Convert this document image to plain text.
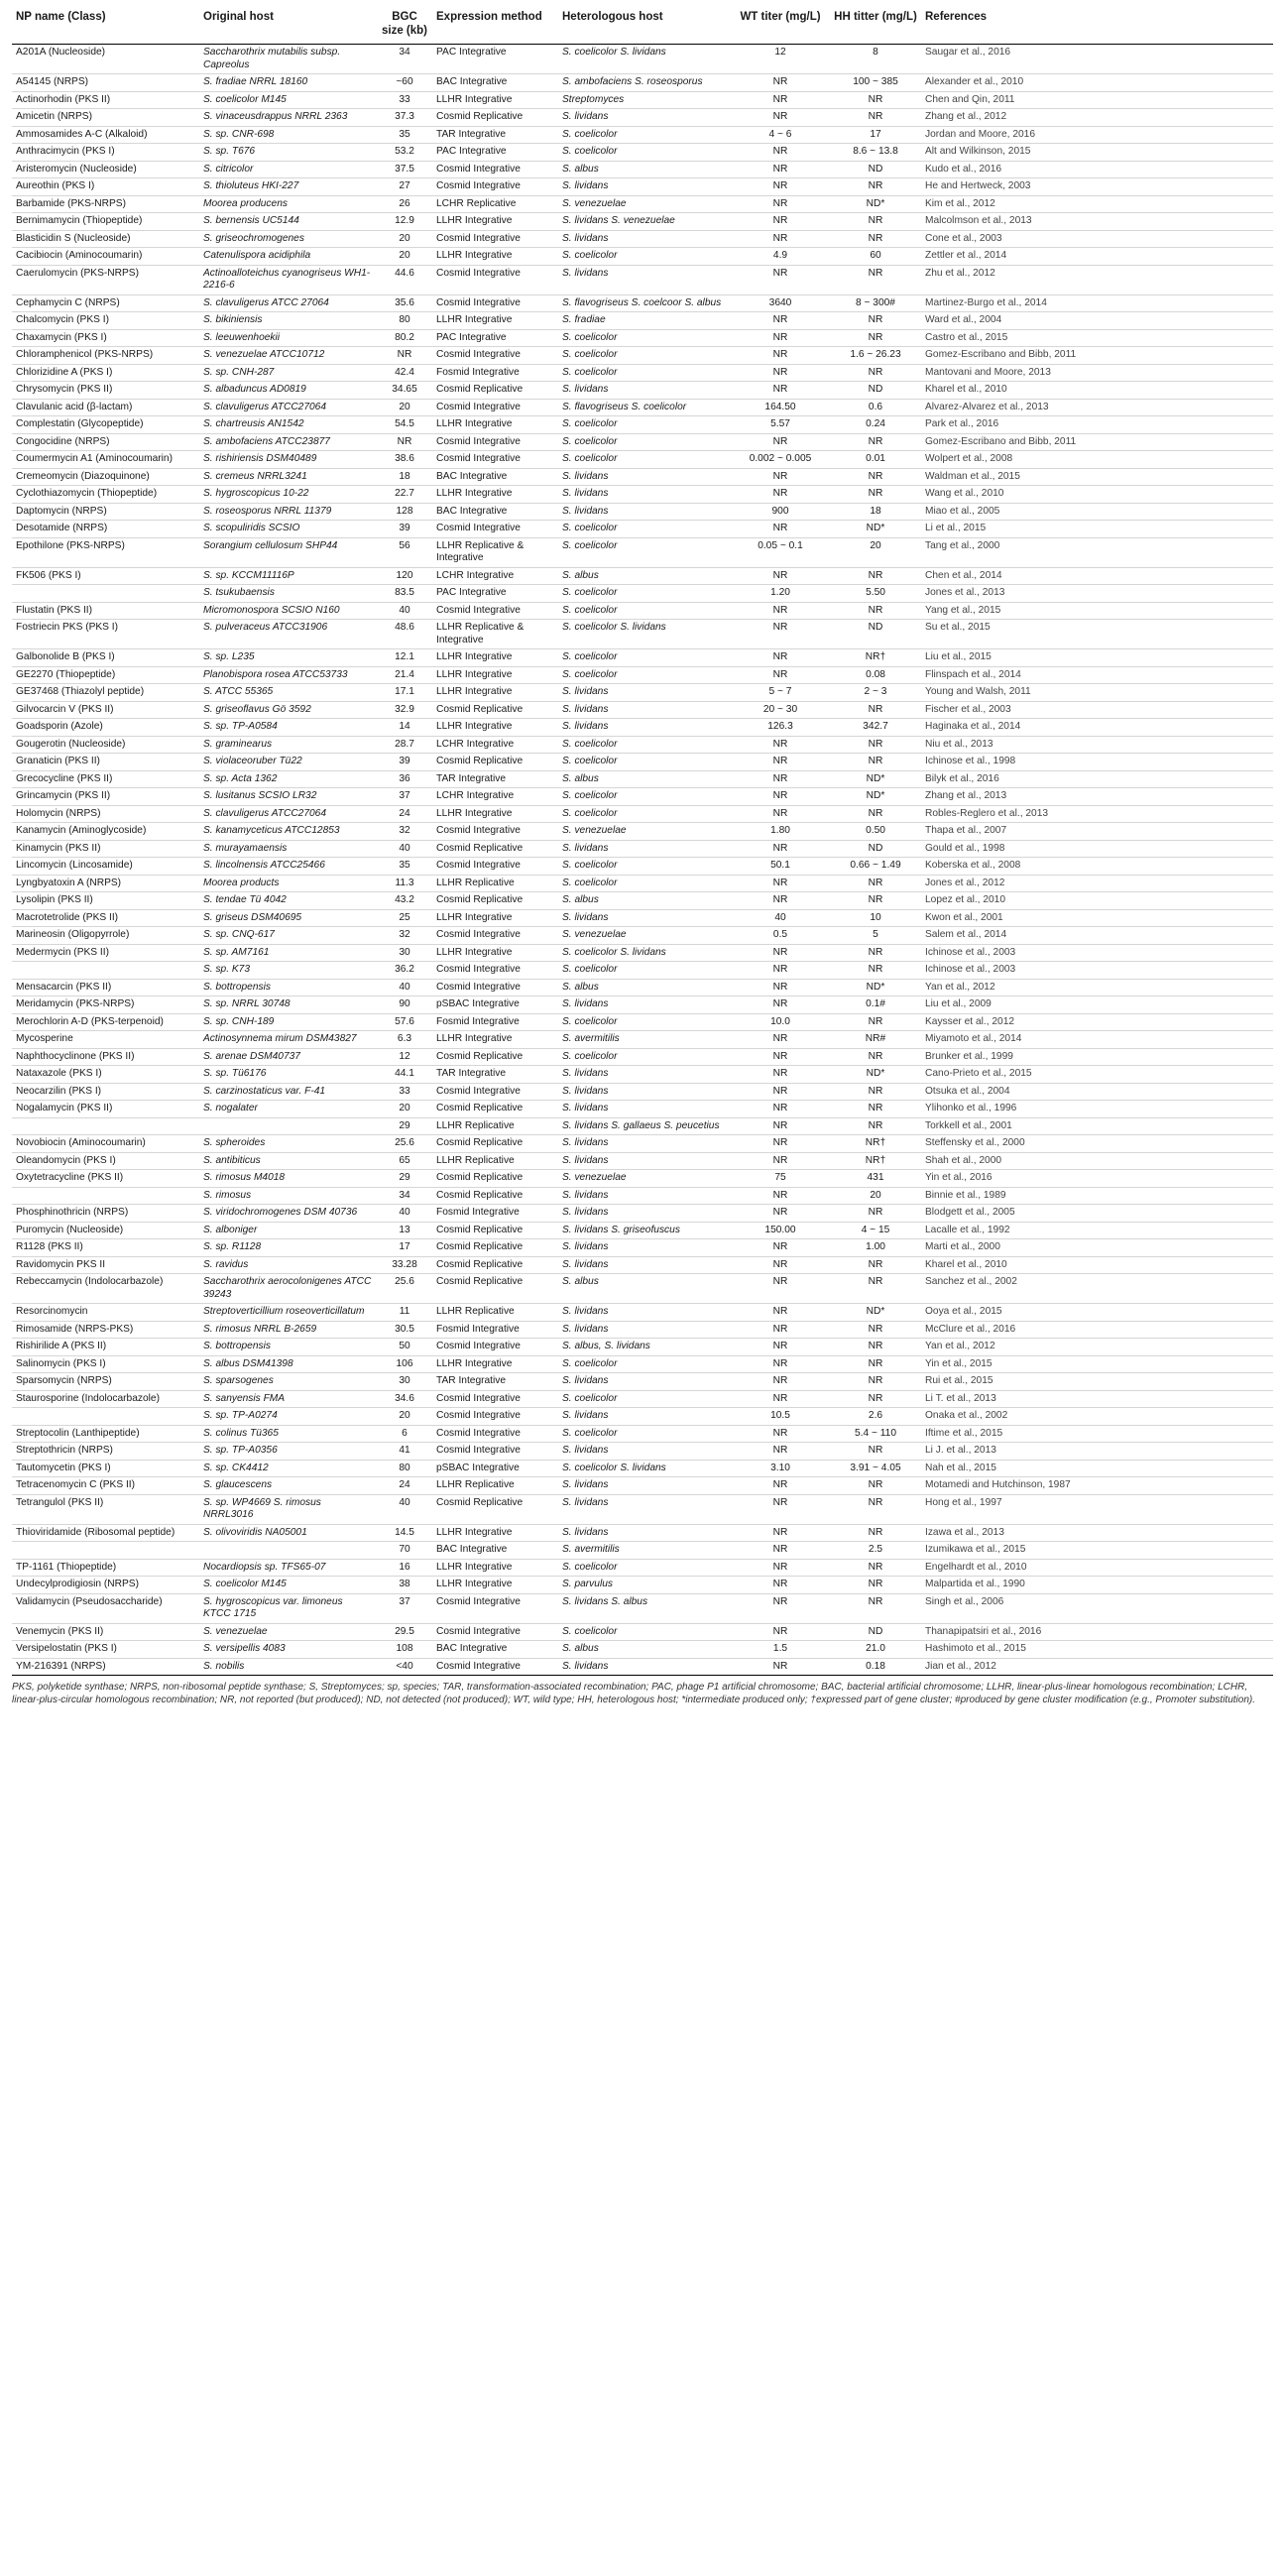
NP name (Class)	Original host	BGC size (kb)	Expression method	Heterologous host	WT titer (mg/L)	HH titter (mg/L)	References
A201A (Nucleoside)	Saccharothrix mutabilis subsp. Capreolus	34	PAC Integrative	S. coelicolor S. lividans	12	8	Saugar et al., 2016
A54145 (NRPS)	S. fradiae NRRL 18160	~60	BAC Integrative	S. ambofaciens S. roseosporus	NR	100 ~ 385	Alexander et al., 2010
Actinorhodin (PKS II)	S. coelicolor M145	33	LLHR Integrative	Streptomyces	NR	NR	Chen and Qin, 2011
Amicetin (NRPS)	S. vinaceusdrappus NRRL 2363	37.3	Cosmid Replicative	S. lividans	NR	NR	Zhang et al., 2012
Ammosamides A-C (Alkaloid)	S. sp. CNR-698	35	TAR Integrative	S. coelicolor	4 ~ 6	17	Jordan and Moore, 2016
Anthracimycin (PKS I)	S. sp. T676	53.2	PAC Integrative	S. coelicolor	NR	8.6 ~ 13.8	Alt and Wilkinson, 2015
Aristeromycin (Nucleoside)	S. citricolor	37.5	Cosmid Integrative	S. albus	NR	ND	Kudo et al., 2016
Aureothin (PKS I)	S. thioluteus HKI-227	27	Cosmid Integrative	S. lividans	NR	NR	He and Hertweck, 2003
Barbamide (PKS-NRPS)	Moorea producens	26	LCHR Replicative	S. venezuelae	NR	ND*	Kim et al., 2012
Bernimamycin (Thiopeptide)	S. bernensis UC5144	12.9	LLHR Integrative	S. lividans S. venezuelae	NR	NR	Malcolmson et al., 2013
Blasticidin S (Nucleoside)	S. griseochromogenes	20	Cosmid Integrative	S. lividans	NR	NR	Cone et al., 2003
Cacibiocin (Aminocoumarin)	Catenulispora acidiphila	20	LLHR Integrative	S. coelicolor	4.9	60	Zettler et al., 2014
Caerulomycin (PKS-NRPS)	Actinoalloteichus cyanogriseus WH1-2216-6	44.6	Cosmid Integrative	S. lividans	NR	NR	Zhu et al., 2012
Cephamycin C (NRPS)	S. clavuligerus ATCC 27064	35.6	Cosmid Integrative	S. flavogriseus S. coelcoor S. albus	3640	8 ~ 300#	Martinez-Burgo et al., 2014
Chalcomycin (PKS I)	S. bikiniensis	80	LLHR Integrative	S. fradiae	NR	NR	Ward et al., 2004
Chaxamycin (PKS I)	S. leeuwenhoekii	80.2	PAC Integrative	S. coelicolor	NR	NR	Castro et al., 2015
Chloramphenicol (PKS-NRPS)	S. venezuelae ATCC10712	NR	Cosmid Integrative	S. coelicolor	NR	1.6 ~ 26.23	Gomez-Escribano and Bibb, 2011
Chlorizidine A (PKS I)	S. sp. CNH-287	42.4	Fosmid Integrative	S. coelicolor	NR	NR	Mantovani and Moore, 2013
Chrysomycin (PKS II)	S. albaduncus AD0819	34.65	Cosmid Replicative	S. lividans	NR	ND	Kharel et al., 2010
Clavulanic acid (β-lactam)	S. clavuligerus ATCC27064	20	Cosmid Integrative	S. flavogriseus S. coelicolor	164.50	0.6	Alvarez-Alvarez et al., 2013
Complestatin (Glycopeptide)	S. chartreusis AN1542	54.5	LLHR Integrative	S. coelicolor	5.57	0.24	Park et al., 2016
Congocidine (NRPS)	S. ambofaciens ATCC23877	NR	Cosmid Integrative	S. coelicolor	NR	NR	Gomez-Escribano and Bibb, 2011
Coumermycin A1 (Aminocoumarin)	S. rishiriensis DSM40489	38.6	Cosmid Integrative	S. coelicolor	0.002 ~ 0.005	0.01	Wolpert et al., 2008
Cremeomycin (Diazoquinone)	S. cremeus NRRL3241	18	BAC Integrative	S. lividans	NR	NR	Waldman et al., 2015
Cyclothiazomycin (Thiopeptide)	S. hygroscopicus 10-22	22.7	LLHR Integrative	S. lividans	NR	NR	Wang et al., 2010
Daptomycin (NRPS)	S. roseosporus NRRL 11379	128	BAC Integrative	S. lividans	900	18	Miao et al., 2005
Desotamide (NRPS)	S. scopuliridis SCSIO	39	Cosmid Integrative	S. coelicolor	NR	ND*	Li et al., 2015
Epothilone (PKS-NRPS)	Sorangium cellulosum SHP44	56	LLHR Replicative & Integrative	S. coelicolor	0.05 ~ 0.1	20	Tang et al., 2000
FK506 (PKS I)	S. sp. KCCM11116P	120	LCHR Integrative	S. albus	NR	NR	Chen et al., 2014
	S. tsukubaensis	83.5	PAC Integrative	S. coelicolor	1.20	5.50	Jones et al., 2013
Flustatin (PKS II)	Micromonospora SCSIO N160	40	Cosmid Integrative	S. coelicolor	NR	NR	Yang et al., 2015
Fostriecin PKS (PKS I)	S. pulveraceus ATCC31906	48.6	LLHR Replicative & Integrative	S. coelicolor S. lividans	NR	ND	Su et al., 2015
Galbonolide B (PKS I)	S. sp. L235	12.1	LLHR Integrative	S. coelicolor	NR	NR†	Liu et al., 2015
GE2270 (Thiopeptide)	Planobispora rosea ATCC53733	21.4	LLHR Integrative	S. coelicolor	NR	0.08	Flinspach et al., 2014
GE37468 (Thiazolyl peptide)	S. ATCC 55365	17.1	LLHR Integrative	S. lividans	5 ~ 7	2 ~ 3	Young and Walsh, 2011
Gilvocarcin V (PKS II)	S. griseoflavus Gö 3592	32.9	Cosmid Replicative	S. lividans	20 ~ 30	NR	Fischer et al., 2003
Goadsporin (Azole)	S. sp. TP-A0584	14	LLHR Integrative	S. lividans	126.3	342.7	Haginaka et al., 2014
Gougerotin (Nucleoside)	S. graminearus	28.7	LCHR Integrative	S. coelicolor	NR	NR	Niu et al., 2013
Granaticin (PKS II)	S. violaceoruber Tü22	39	Cosmid Replicative	S. coelicolor	NR	NR	Ichinose et al., 1998
Grecocycline (PKS II)	S. sp. Acta 1362	36	TAR Integrative	S. albus	NR	ND*	Bilyk et al., 2016
Grincamycin (PKS II)	S. lusitanus SCSIO LR32	37	LCHR Integrative	S. coelicolor	NR	ND*	Zhang et al., 2013
Holomycin (NRPS)	S. clavuligerus ATCC27064	24	LLHR Integrative	S. coelicolor	NR	NR	Robles-Reglero et al., 2013
Kanamycin (Aminoglycoside)	S. kanamyceticus ATCC12853	32	Cosmid Integrative	S. venezuelae	1.80	0.50	Thapa et al., 2007
Kinamycin (PKS II)	S. murayamaensis	40	Cosmid Replicative	S. lividans	NR	ND	Gould et al., 1998
Lincomycin (Lincosamide)	S. lincolnensis ATCC25466	35	Cosmid Integrative	S. coelicolor	50.1	0.66 ~ 1.49	Koberska et al., 2008
Lyngbyatoxin A (NRPS)	Moorea products	11.3	LLHR Replicative	S. coelicolor	NR	NR	Jones et al., 2012
Lysolipin (PKS II)	S. tendae Tü 4042	43.2	Cosmid Replicative	S. albus	NR	NR	Lopez et al., 2010
Macrotetrolide (PKS II)	S. griseus DSM40695	25	LLHR Integrative	S. lividans	40	10	Kwon et al., 2001
Marineosin (Oligopyrrole)	S. sp. CNQ-617	32	Cosmid Integrative	S. venezuelae	0.5	5	Salem et al., 2014
Medermycin (PKS II)	S. sp. AM7161	30	LLHR Integrative	S. coelicolor S. lividans	NR	NR	Ichinose et al., 2003
	S. sp. K73	36.2	Cosmid Integrative	S. coelicolor	NR	NR	Ichinose et al., 2003
Mensacarcin (PKS II)	S. bottropensis	40	Cosmid Integrative	S. albus	NR	ND*	Yan et al., 2012
Meridamycin (PKS-NRPS)	S. sp. NRRL 30748	90	pSBAC Integrative	S. lividans	NR	0.1#	Liu et al., 2009
Merochlorin A-D (PKS-terpenoid)	S. sp. CNH-189	57.6	Fosmid Integrative	S. coelicolor	10.0	NR	Kaysser et al., 2012
Mycosperine	Actinosynnema mirum DSM43827	6.3	LLHR Integrative	S. avermitilis	NR	NR#	Miyamoto et al., 2014
Naphthocyclinone (PKS II)	S. arenae DSM40737	12	Cosmid Replicative	S. coelicolor	NR	NR	Brunker et al., 1999
Nataxazole (PKS I)	S. sp. Tü6176	44.1	TAR Integrative	S. lividans	NR	ND*	Cano-Prieto et al., 2015
Neocarzilin (PKS I)	S. carzinostaticus var. F-41	33	Cosmid Integrative	S. lividans	NR	NR	Otsuka et al., 2004
Nogalamycin (PKS II)	S. nogalater	20	Cosmid Replicative	S. lividans	NR	NR	Ylihonko et al., 1996
		29	LLHR Replicative	S. lividans S. gallaeus S. peucetius	NR	NR	Torkkell et al., 2001
Novobiocin (Aminocoumarin)	S. spheroides	25.6	Cosmid Replicative	S. lividans	NR	NR†	Steffensky et al., 2000
Oleandomycin (PKS I)	S. antibiticus	65	LLHR Replicative	S. lividans	NR	NR†	Shah et al., 2000
Oxytetracycline (PKS II)	S. rimosus M4018	29	Cosmid Replicative	S. venezuelae	75	431	Yin et al., 2016
	S. rimosus	34	Cosmid Replicative	S. lividans	NR	20	Binnie et al., 1989
Phosphinothricin (NRPS)	S. viridochromogenes DSM 40736	40	Fosmid Integrative	S. lividans	NR	NR	Blodgett et al., 2005
Puromycin (Nucleoside)	S. alboniger	13	Cosmid Replicative	S. lividans S. griseofuscus	150.00	4 ~ 15	Lacalle et al., 1992
R1128 (PKS II)	S. sp. R1128	17	Cosmid Replicative	S. lividans	NR	1.00	Marti et al., 2000
Ravidomycin PKS II	S. ravidus	33.28	Cosmid Replicative	S. lividans	NR	NR	Kharel et al., 2010
Rebeccamycin (Indolocarbazole)	Saccharothrix aerocolonigenes ATCC 39243	25.6	Cosmid Replicative	S. albus	NR	NR	Sanchez et al., 2002
Resorcinomycin	Streptoverticillium roseoverticillatum	11	LLHR Replicative	S. lividans	NR	ND*	Ooya et al., 2015
Rimosamide (NRPS-PKS)	S. rimosus NRRL B-2659	30.5	Fosmid Integrative	S. lividans	NR	NR	McClure et al., 2016
Rishirilide A (PKS II)	S. bottropensis	50	Cosmid Integrative	S. albus, S. lividans	NR	NR	Yan et al., 2012
Salinomycin (PKS I)	S. albus DSM41398	106	LLHR Integrative	S. coelicolor	NR	NR	Yin et al., 2015
Sparsomycin (NRPS)	S. sparsogenes	30	TAR Integrative	S. lividans	NR	NR	Rui et al., 2015
Staurosporine (Indolocarbazole)	S. sanyensis FMA	34.6	Cosmid Integrative	S. coelicolor	NR	NR	Li T. et al., 2013
	S. sp. TP-A0274	20	Cosmid Integrative	S. lividans	10.5	2.6	Onaka et al., 2002
Streptocolin (Lanthipeptide)	S. colinus Tü365	6	Cosmid Integrative	S. coelicolor	NR	5.4 ~ 110	Iftime et al., 2015
Streptothricin (NRPS)	S. sp. TP-A0356	41	Cosmid Integrative	S. lividans	NR	NR	Li J. et al., 2013
Tautomycetin (PKS I)	S. sp. CK4412	80	pSBAC Integrative	S. coelicolor S. lividans	3.10	3.91 ~ 4.05	Nah et al., 2015
Tetracenomycin C (PKS II)	S. glaucescens	24	LLHR Replicative	S. lividans	NR	NR	Motamedi and Hutchinson, 1987
Tetrangulol (PKS II)	S. sp. WP4669 S. rimosus NRRL3016	40	Cosmid Replicative	S. lividans	NR	NR	Hong et al., 1997
Thioviridamide (Ribosomal peptide)	S. olivoviridis NA05001	14.5	LLHR Integrative	S. lividans	NR	NR	Izawa et al., 2013
		70	BAC Integrative	S. avermitilis	NR	2.5	Izumikawa et al., 2015
TP-1161 (Thiopeptide)	Nocardiopsis sp. TFS65-07	16	LLHR Integrative	S. coelicolor	NR	NR	Engelhardt et al., 2010
Undecylprodigiosin (NRPS)	S. coelicolor M145	38	LLHR Integrative	S. parvulus	NR	NR	Malpartida et al., 1990
Validamycin (Pseudosaccharide)	S. hygroscopicus var. limoneus KTCC 1715	37	Cosmid Integrative	S. lividans S. albus	NR	NR	Singh et al., 2006
Venemycin (PKS II)	S. venezuelae	29.5	Cosmid Integrative	S. coelicolor	NR	ND	Thanapipatsiri et al., 2016
Versipelostatin (PKS I)	S. versipellis 4083	108	BAC Integrative	S. albus	1.5	21.0	Hashimoto et al., 2015
YM-216391 (NRPS)	S. nobilis	<40	Cosmid Integrative	S. lividans	NR	0.18	Jian et al., 2012
PKS, polyketide synthase; NRPS, non-ribosomal peptide synthase; S, Streptomyces; sp, species; TAR, transformation-associated recombination; PAC, phage P1 artificial chromosome; BAC, bacterial artificial chromosome; LLHR, linear-plus-linear homologous recombination; LCHR, linear-plus-circular homologous recombination; NR, not reported (but produced); ND, not detected (not produced); WT, wild type; HH, heterologous host; *intermediate produced only; †expressed part of gene cluster; #produced by gene cluster modification (e.g., Promoter substitution).
